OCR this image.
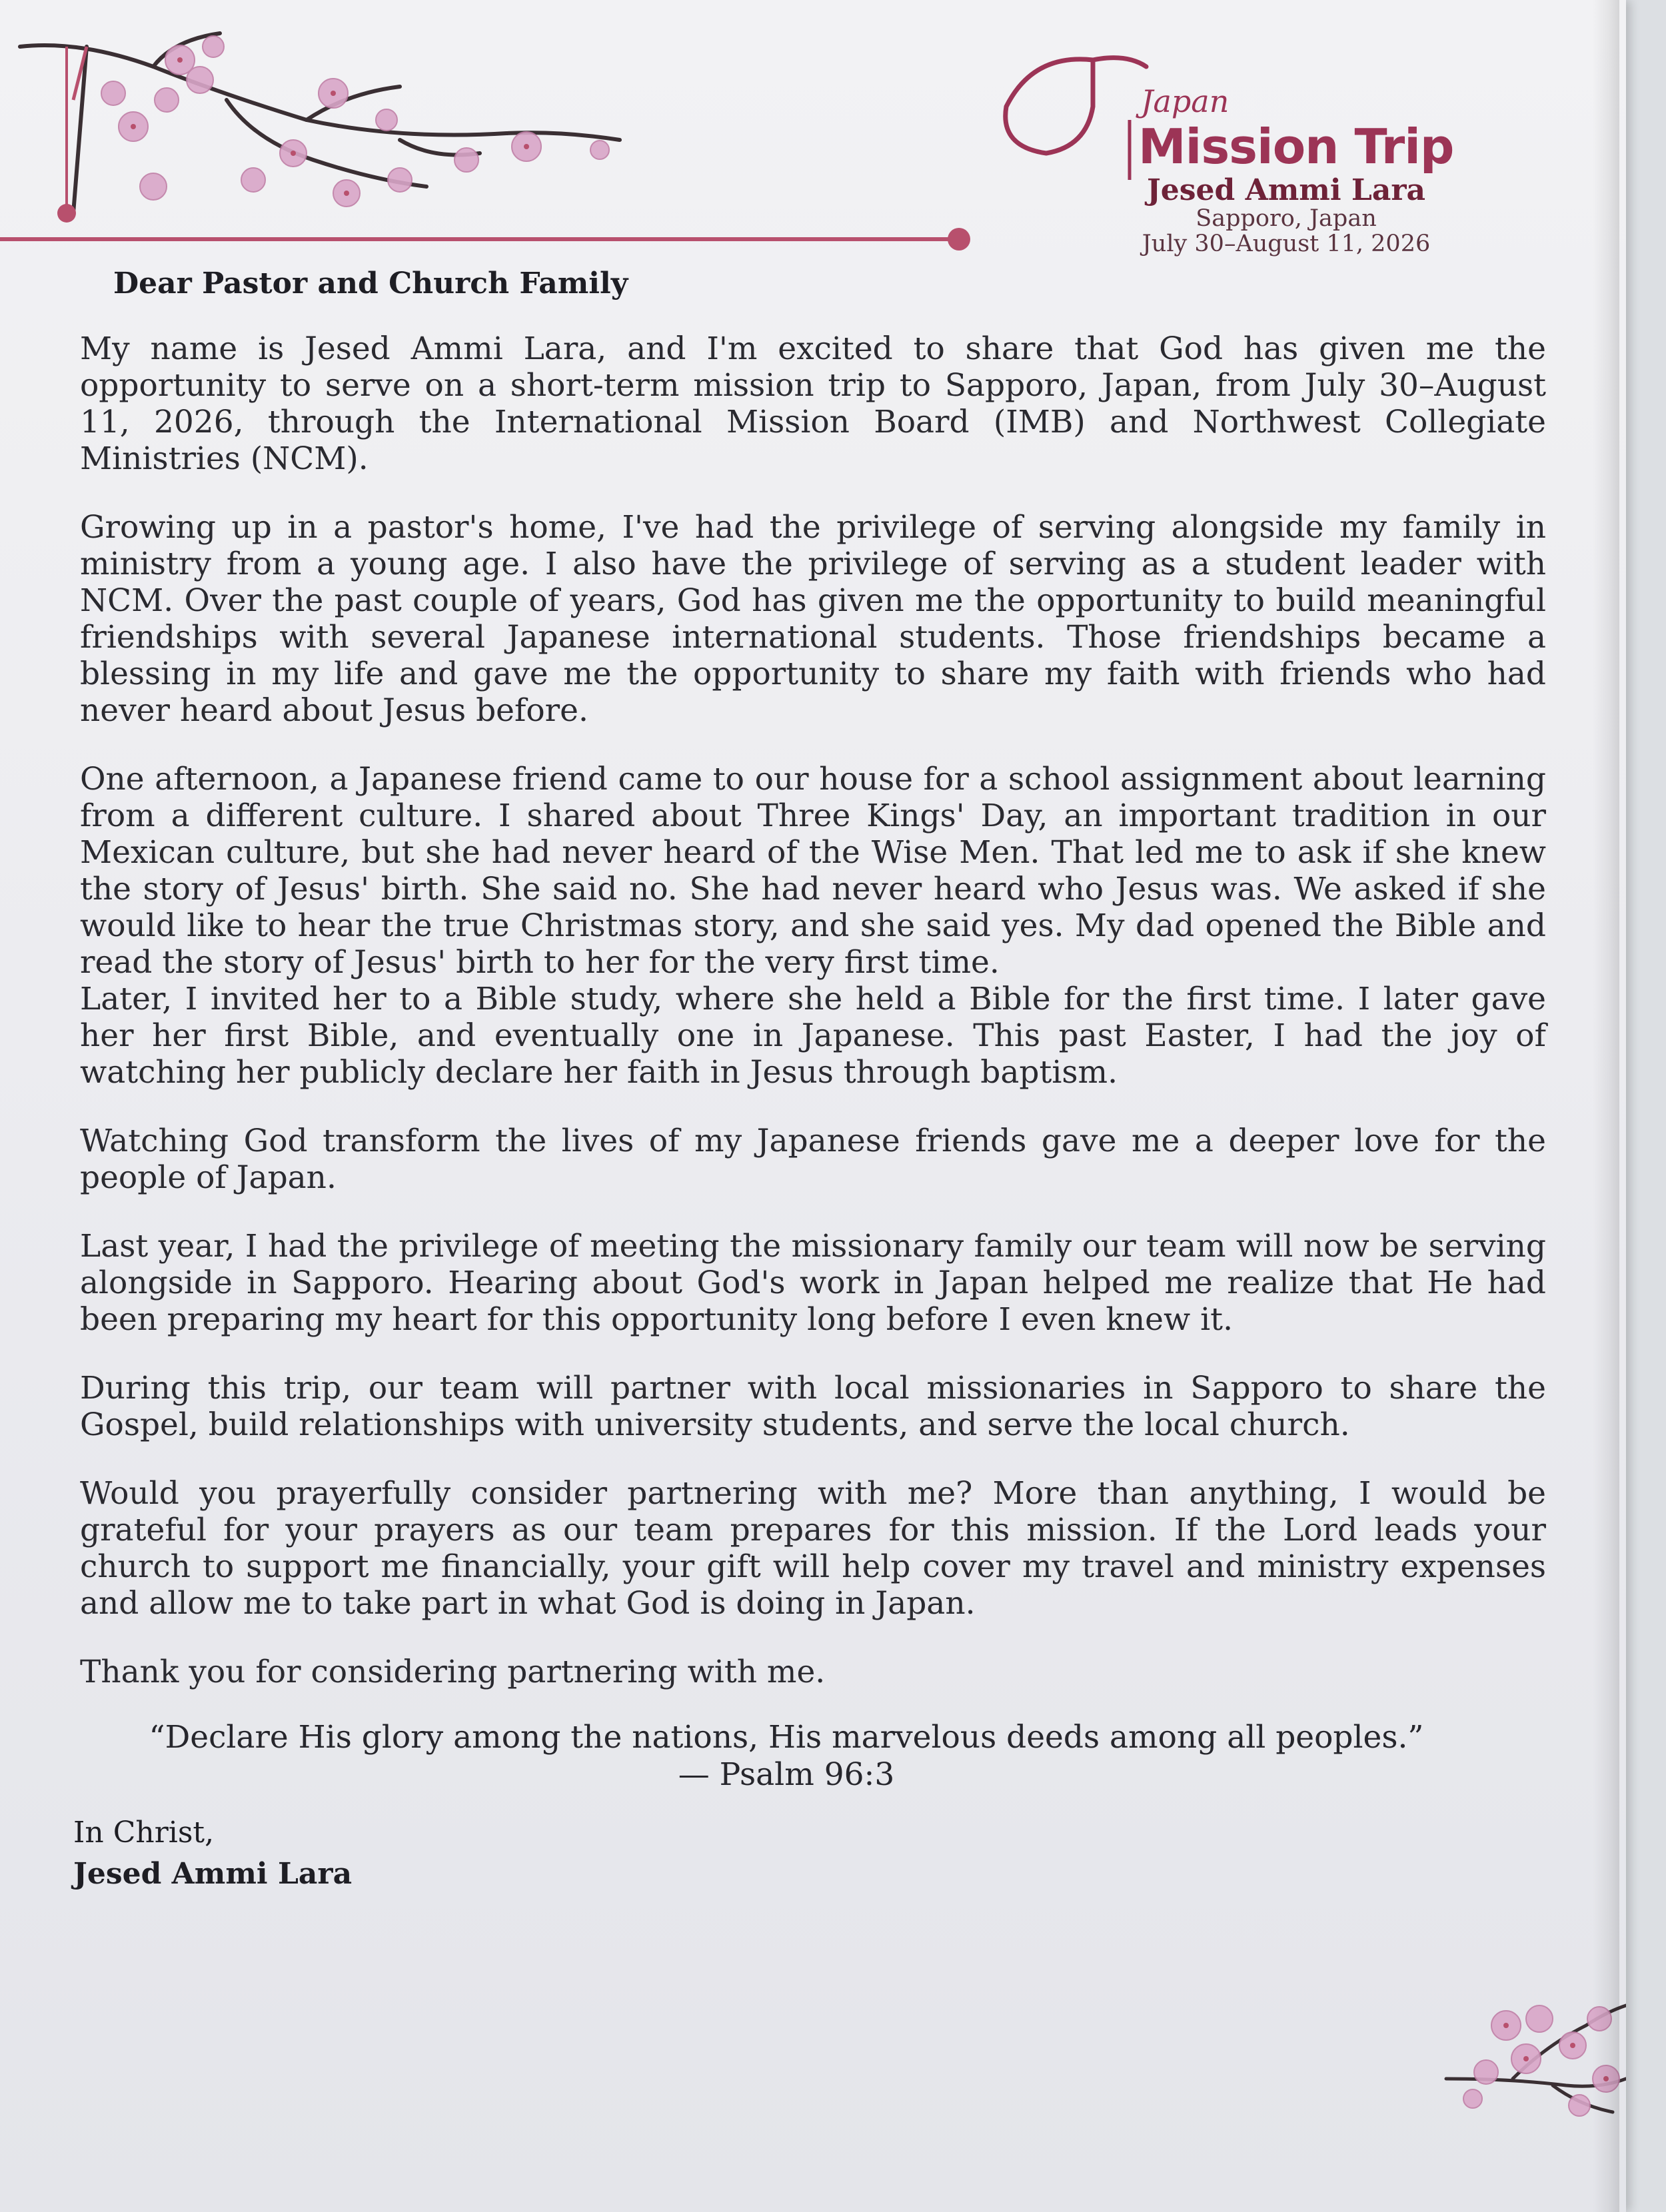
Japan
Mission Trip
Jesed Ammi Lara
Sapporo, Japan
July 30–August 11, 2026
Dear Pastor and Church Family

My name is Jesed Ammi Lara, and I'm excited to share that God has given me the opportunity to serve on a short-term mission trip to Sapporo, Japan, from July 30–August 11, 2026, through the International Mission Board (IMB) and Northwest Collegiate Ministries (NCM).

Growing up in a pastor's home, I've had the privilege of serving alongside my family in ministry from a young age. I also have the privilege of serving as a student leader with NCM. Over the past couple of years, God has given me the opportunity to build meaningful friendships with several Japanese international students. Those friendships became a blessing in my life and gave me the opportunity to share my faith with friends who had never heard about Jesus before.

One afternoon, a Japanese friend came to our house for a school assignment about learning from a different culture. I shared about Three Kings' Day, an important tradition in our Mexican culture, but she had never heard of the Wise Men. That led me to ask if she knew the story of Jesus' birth. She said no. She had never heard who Jesus was. We asked if she would like to hear the true Christmas story, and she said yes. My dad opened the Bible and read the story of Jesus' birth to her for the very first time.

Later, I invited her to a Bible study, where she held a Bible for the first time. I later gave her her first Bible, and eventually one in Japanese. This past Easter, I had the joy of watching her publicly declare her faith in Jesus through baptism.

Watching God transform the lives of my Japanese friends gave me a deeper love for the people of Japan.

Last year, I had the privilege of meeting the missionary family our team will now be serving alongside in Sapporo. Hearing about God's work in Japan helped me realize that He had been preparing my heart for this opportunity long before I even knew it.

During this trip, our team will partner with local missionaries in Sapporo to share the Gospel, build relationships with university students, and serve the local church.

Would you prayerfully consider partnering with me? More than anything, I would be grateful for your prayers as our team prepares for this mission. If the Lord leads your church to support me financially, your gift will help cover my travel and ministry expenses and allow me to take part in what God is doing in Japan.

Thank you for considering partnering with me.

“Declare His glory among the nations, His marvelous deeds among all peoples.”
— Psalm 96:3
In Christ,
Jesed Ammi Lara
